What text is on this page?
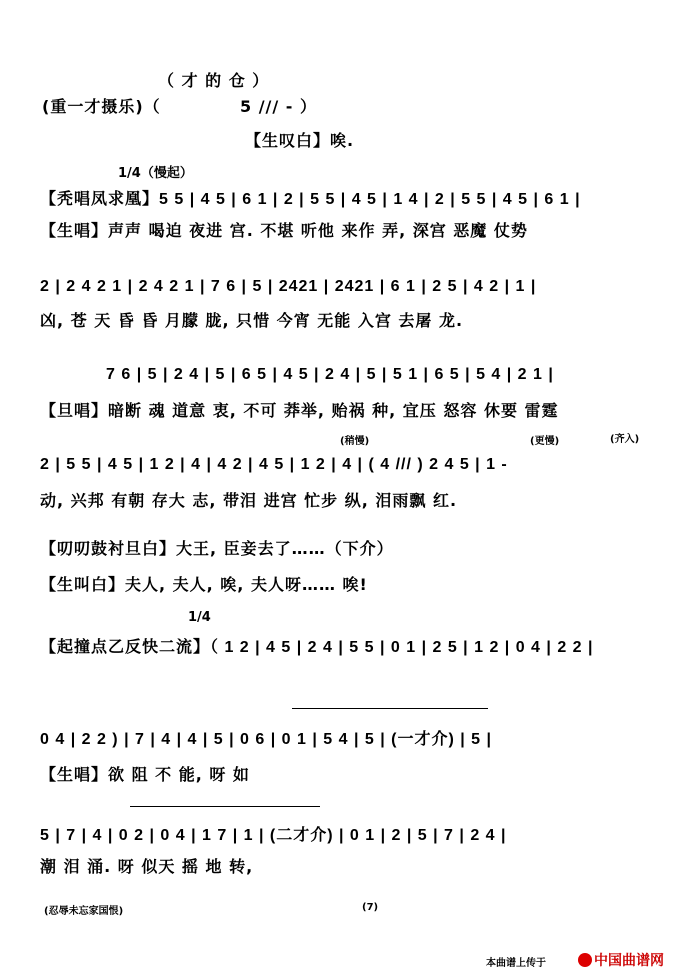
（ 才 的 仓 ）
(重一才摄乐)（	5 /// - ）
【生叹白】唉.
1/4（慢起）
【秃唱凤求凰】5 5 | 4 5 | 6 1 | 2 | 5 5 | 4 5 | 1 4 | 2 | 5 5 | 4 5 | 6 1 |
【生唱】声声 喝迫 夜进 宫. 不堪 听他 来作 弄, 深宫 恶魔 仗势
2 | 2 4 2 1 | 2 4 2 1 | 7 6 | 5 | 2421 | 2421 | 6 1 | 2 5 | 4 2 | 1 |
凶, 苍 天 昏 昏 月朦 胧, 只惜 今宵 无能 入宫 去屠 龙.
7 6 | 5 | 2 4 | 5 | 6 5 | 4 5 | 2 4 | 5 | 5 1 | 6 5 | 5 4 | 2 1 |
【旦唱】暗断 魂 道意 衷, 不可 莽举, 贻祸 种, 宜压 怒容 休要 雷霆
(稍慢)	(更慢)	(齐入)
2 | 5 5 | 4 5 | 1 2 | 4 | 4 2 | 4 5 | 1 2 | 4 | ( 4 /// ) 2 4 5 | 1 -
动, 兴邦 有朝 存大 志, 带泪 进宫 忙步 纵, 泪雨飘 红.
【叨叨鼓衬旦白】大王, 臣妾去了……（下介）
【生叫白】夫人, 夫人, 唉, 夫人呀…… 唉!
1/4
【起撞点乙反快二流】（ 1 2 | 4 5 | 2 4 | 5 5 | 0 1 | 2 5 | 1 2 | 0 4 | 2 2 |
0 4 | 2 2 ) | 7 | 4 | 4 | 5 | 0 6 | 0 1 | 5 4 | 5 | (一才介) | 5 |
【生唱】欲 阻 不 能, 呀 如
5 | 7 | 4 | 0 2 | 0 4 | 1 7 | 1 | (二才介) | 0 1 | 2 | 5 | 7 | 2 4 |
潮 泪 涌. 呀 似天 摇 地 转,
(忍辱未忘家国恨)	(7)
本曲谱上传于	中国曲谱网
